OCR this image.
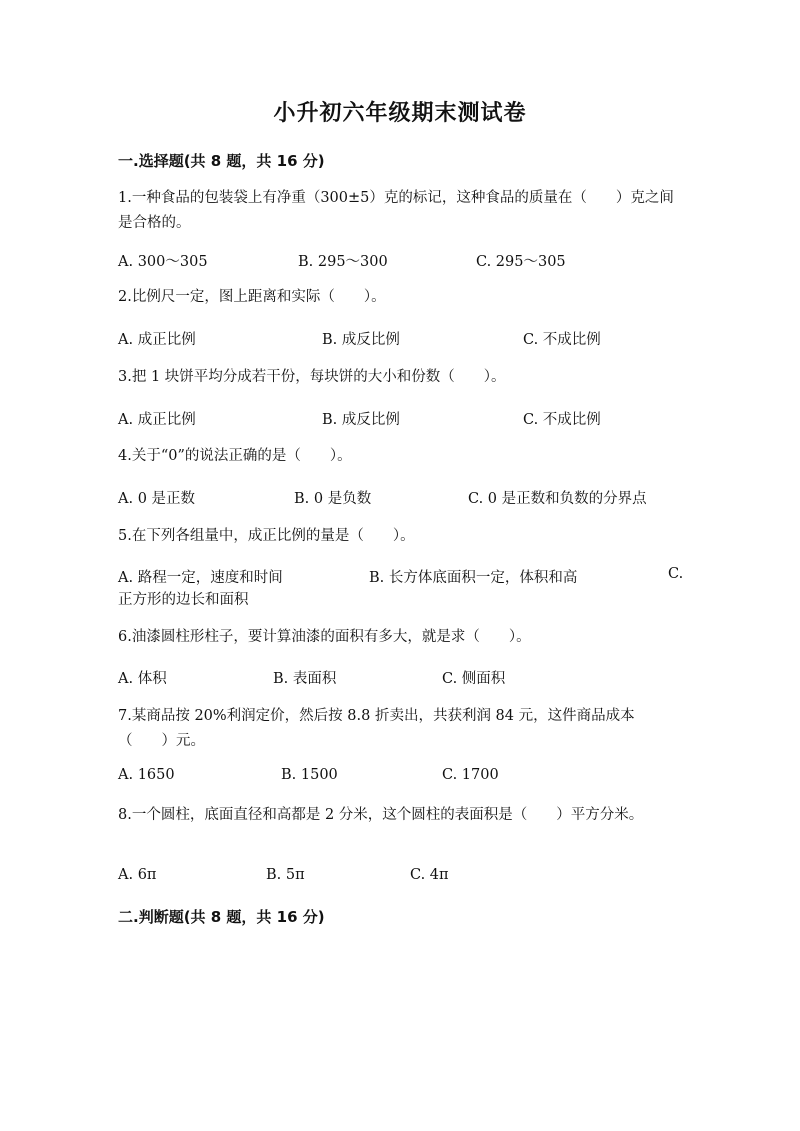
小升初六年级期末测试卷
一.选择题(共 8 题，共 16 分)
1.一种食品的包装袋上有净重（300±5）克的标记，这种食品的质量在（　　）克之间是合格的。
A. 300～305	B. 295～300	C. 295～305
2.比例尺一定，图上距离和实际（　　）。
A. 成正比例	B. 成反比例	C. 不成比例
3.把 1 块饼平均分成若干份，每块饼的大小和份数（　　）。
A. 成正比例	B. 成反比例	C. 不成比例
4.关于“0”的说法正确的是（　　）。
A. 0 是正数	B. 0 是负数	C. 0 是正数和负数的分界点
5.在下列各组量中，成正比例的量是（　　）。
A. 路程一定，速度和时间	B. 长方体底面积一定，体积和高	C.
正方形的边长和面积
6.油漆圆柱形柱子，要计算油漆的面积有多大，就是求（　　）。
A. 体积	B. 表面积	C. 侧面积
7.某商品按 20%利润定价，然后按 8.8 折卖出，共获利润 84 元，这件商品成本（　　）元。
A. 1650	B. 1500	C. 1700
8.一个圆柱，底面直径和高都是 2 分米，这个圆柱的表面积是（　　）平方分米。
A. 6π	B. 5π	C. 4π
二.判断题(共 8 题，共 16 分)
